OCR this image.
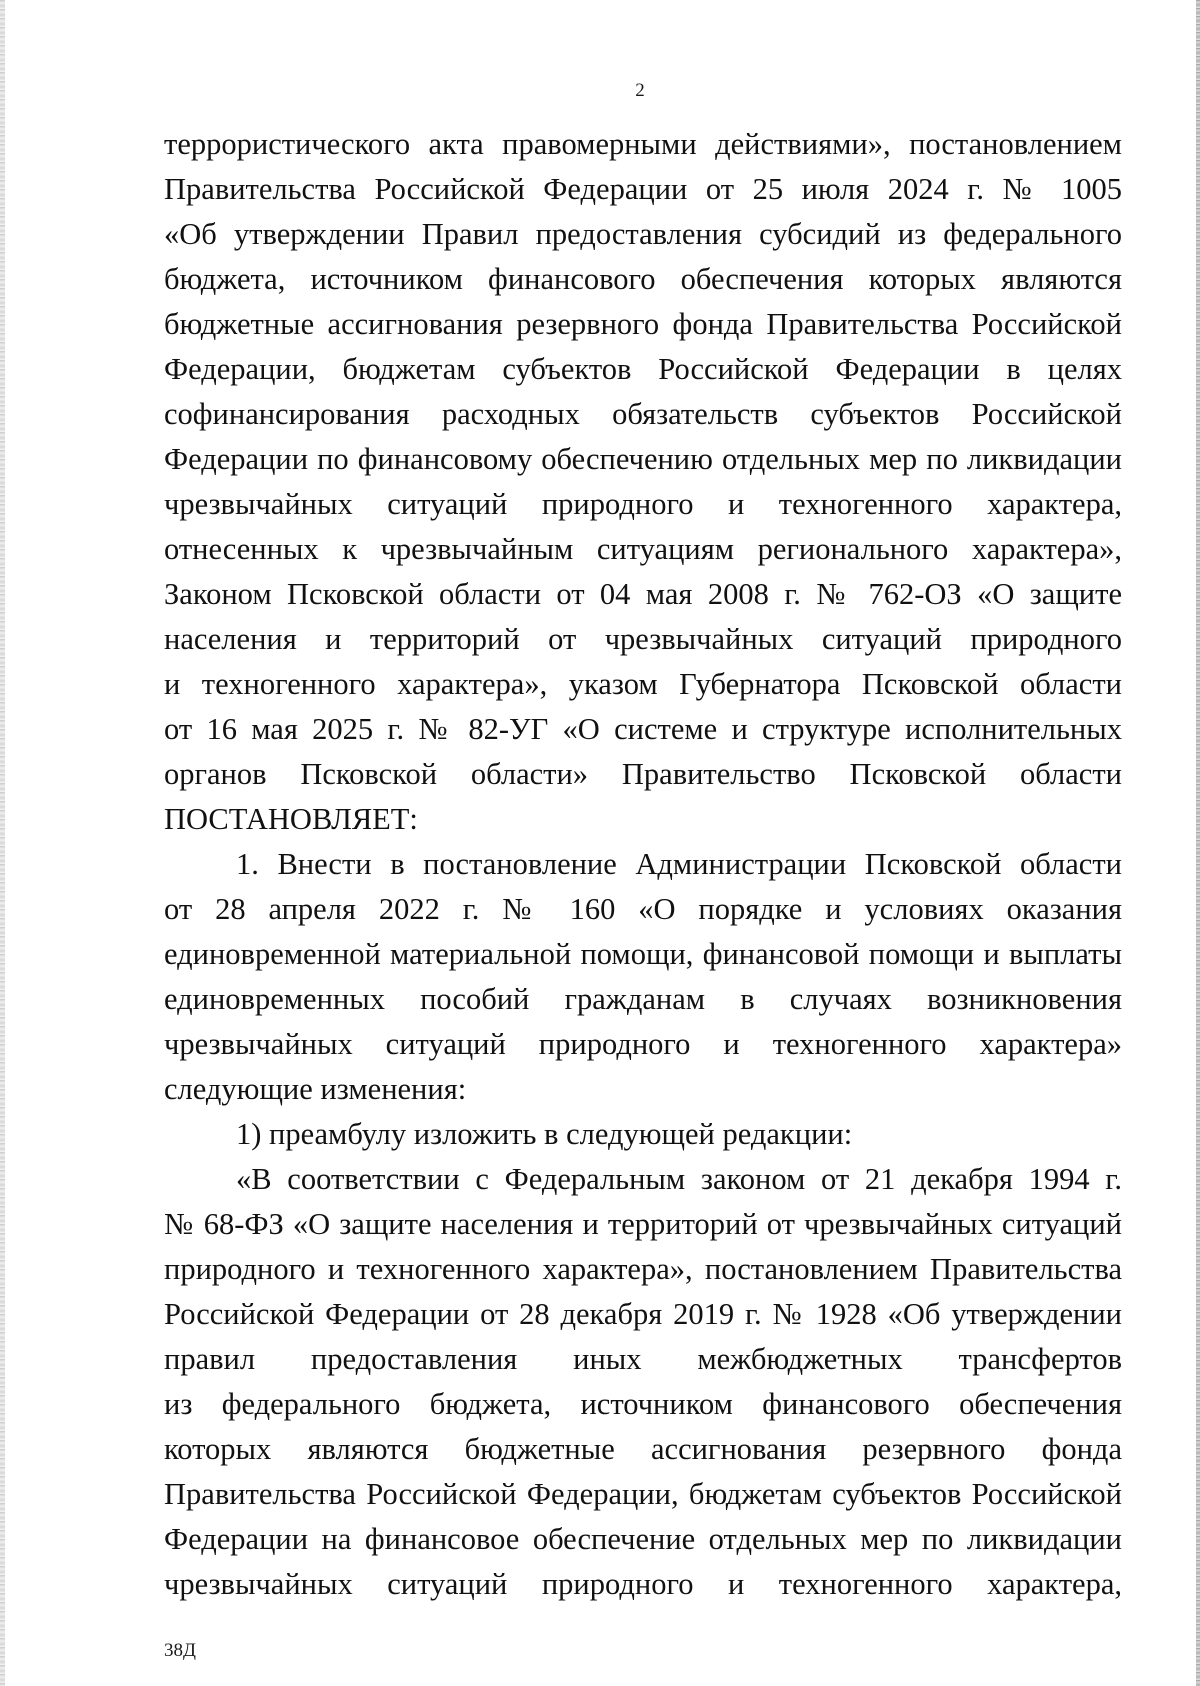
2
террористического акта правомерными действиями», постановлением
Правительства Российской Федерации от 25 июля 2024 г. № 1005
«Об утверждении Правил предоставления субсидий из федерального
бюджета, источником финансового обеспечения которых являются
бюджетные ассигнования резервного фонда Правительства Российской
Федерации, бюджетам субъектов Российской Федерации в целях
софинансирования расходных обязательств субъектов Российской
Федерации по финансовому обеспечению отдельных мер по ликвидации
чрезвычайных ситуаций природного и техногенного характера,
отнесенных к чрезвычайным ситуациям регионального характера»,
Законом Псковской области от 04 мая 2008 г. № 762-ОЗ «О защите
населения и территорий от чрезвычайных ситуаций природного
и техногенного характера», указом Губернатора Псковской области
от 16 мая 2025 г. № 82-УГ «О системе и структуре исполнительных
органов Псковской области» Правительство Псковской области
ПОСТАНОВЛЯЕТ:
1. Внести в постановление Администрации Псковской области
от 28 апреля 2022 г. № 160 «О порядке и условиях оказания
единовременной материальной помощи, финансовой помощи и выплаты
единовременных пособий гражданам в случаях возникновения
чрезвычайных ситуаций природного и техногенного характера»
следующие изменения:
1) преамбулу изложить в следующей редакции:
«В соответствии с Федеральным законом от 21 декабря 1994 г.
№ 68-ФЗ «О защите населения и территорий от чрезвычайных ситуаций
природного и техногенного характера», постановлением Правительства
Российской Федерации от 28 декабря 2019 г. № 1928 «Об утверждении
правил предоставления иных межбюджетных трансфертов
из федерального бюджета, источником финансового обеспечения
которых являются бюджетные ассигнования резервного фонда
Правительства Российской Федерации, бюджетам субъектов Российской
Федерации на финансовое обеспечение отдельных мер по ликвидации
чрезвычайных ситуаций природного и техногенного характера,
38Д
